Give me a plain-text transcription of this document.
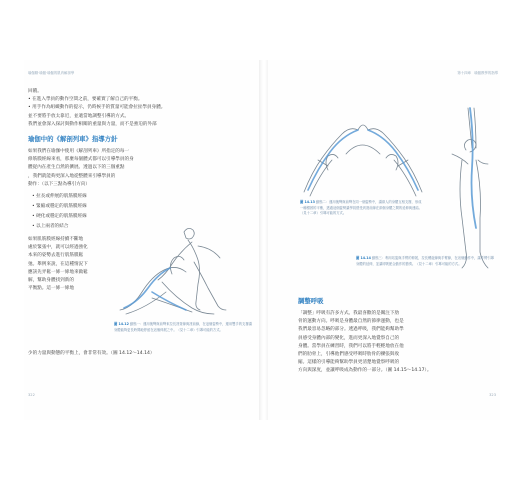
瑜伽精·瑜伽·瑜伽的肌肉解剖學

回饋。

• 在進入學員的動作空間之前，要確實了解自己的平衡。

• 用手作為組織動作的提示，仍時候手的質量可能會拉扯學員身體。

並不要將手放太靠近，並適當地調整引導的方式。

我們並會深入探討與動作相關的重量與力量，而不是強迫的外部

瑜伽中的《解剖列車》指導方針

如果我們在瑜伽中使用《解剖列車》所指定的每一

條筋膜經線來看，那麼每個體式都可以引導學員的身

體從內在產生自然的擴展。透過以下的三個重點

，我們就能夠更深入地從整體來引導學員的

動作：（以下三點為導引方向）

• 拉長或伸展的肌筋膜經線
• 緊縮或穩定的肌筋膜經線
• 硬化或穩定的肌筋膜經線
• 以上兩者的結合

如果肌筋膜經線持續不斷地

處於緊張中，就可以經過強化

本來的姿勢去進行肌筋膜鬆

弛。舉例來說，在這種情況下

應該先弄鬆一條一條地來做鬆

解，幫助身體找到新的

平衡點。這一條一條地

圖 14.12 動態一：運用後彎與前彎來拉長淺背線與淺前線，在這個姿勢中，運用雙手的支撐讓身體能夠更長時間地停留在這個伸展之中。（見十二章）引導可能的方式。

少的力量與動態的平衡上，會非常有效。（圖 14.12～14.14）

322
第十四章　瑜伽教學的指導
圖 14.13 動態二：運用後彎與前彎在同一個姿勢中，讓兩人的身體互相支撐，形成一種穩固的平衡，透過這個姿勢讓學員感受到淺前線在兩個身體之間的延伸與連結。（見十二章）引導可能的方式。
圖 14.14 動態三：利用站姿與手臂的伸展，拉長螺旋線與手臂線，在這個動作中，讓手臂引導身體的延伸，並讓呼吸配合動作的節奏。（見十二章）引導可能的方式。
調整呼吸

「調整」呼吸有許多方式。我最喜歡的是關注下肋

骨的運動方向。呼吸是身體最自然的節律運動，也是

我們最容易忽略的部分。透過呼吸，我們能夠幫助學

員感受身體內部的變化，進而更深入地覺察自己的

身體。當學員在練習時，我們可以將手輕輕地放在他

們的肋骨上，引導他們感受呼吸時肋骨的擴張與收

縮。這樣的引導能夠幫助學員更清楚地覺察呼吸的

方向與深度，並讓呼吸成為動作的一部分。（圖 14.15～14.17）。

323
